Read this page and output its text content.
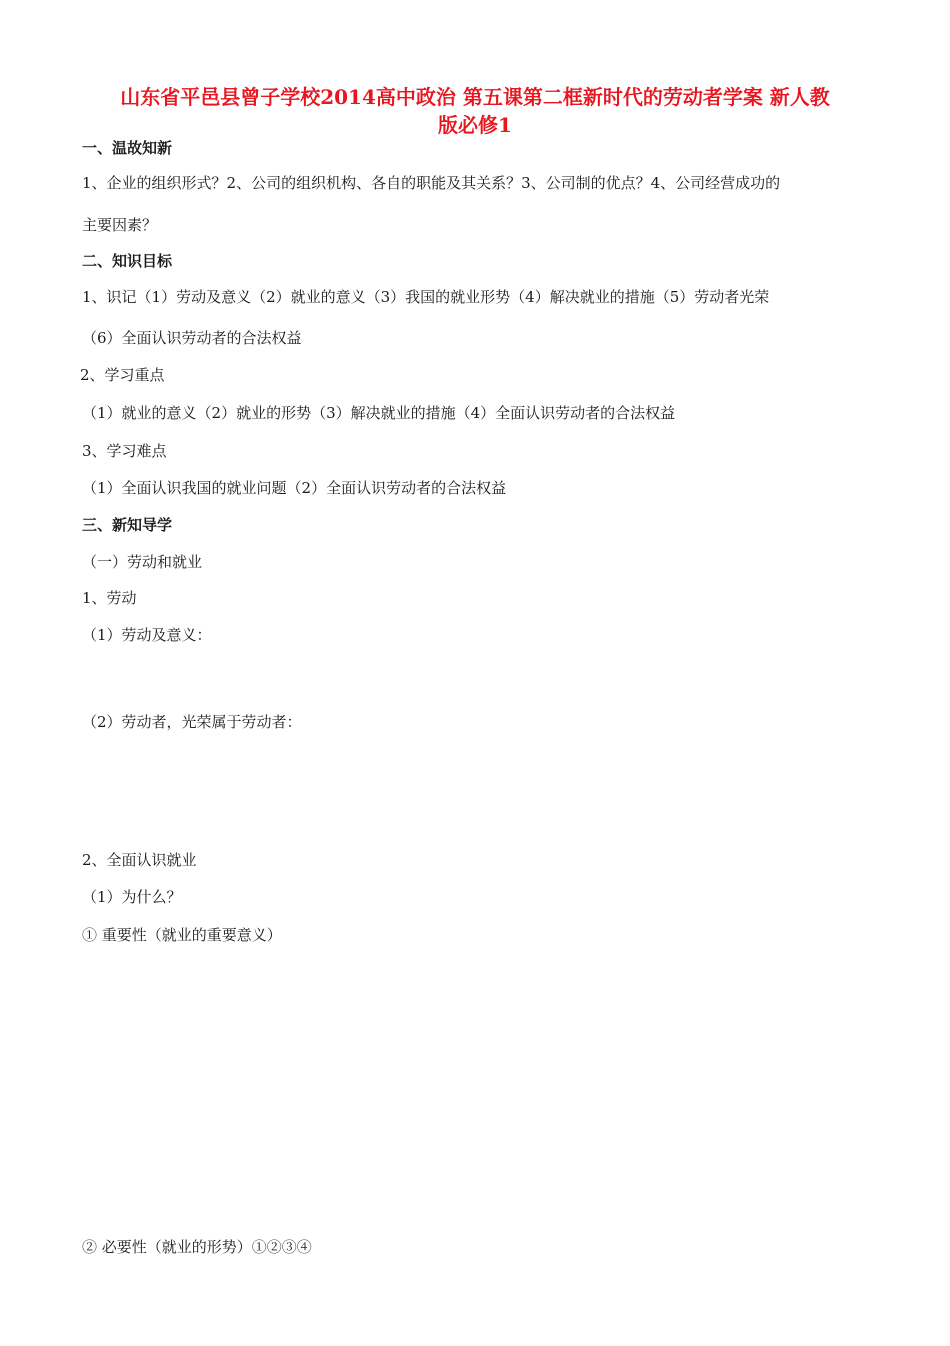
山东省平邑县曾子学校2014高中政治 第五课第二框新时代的劳动者学案 新人教
版必修1
一、温故知新
1、企业的组织形式？2、公司的组织机构、各自的职能及其关系？3、公司制的优点？4、公司经营成功的
主要因素？
二、知识目标
1、识记（1）劳动及意义（2）就业的意义（3）我国的就业形势（4）解决就业的措施（5）劳动者光荣
（6）全面认识劳动者的合法权益
2、学习重点
（1）就业的意义（2）就业的形势（3）解决就业的措施（4）全面认识劳动者的合法权益
3、学习难点
（1）全面认识我国的就业问题（2）全面认识劳动者的合法权益
三、新知导学
（一）劳动和就业
1、劳动
（1）劳动及意义：
（2）劳动者，光荣属于劳动者：
2、全面认识就业
（1）为什么？
① 重要性（就业的重要意义）
② 必要性（就业的形势）①②③④
